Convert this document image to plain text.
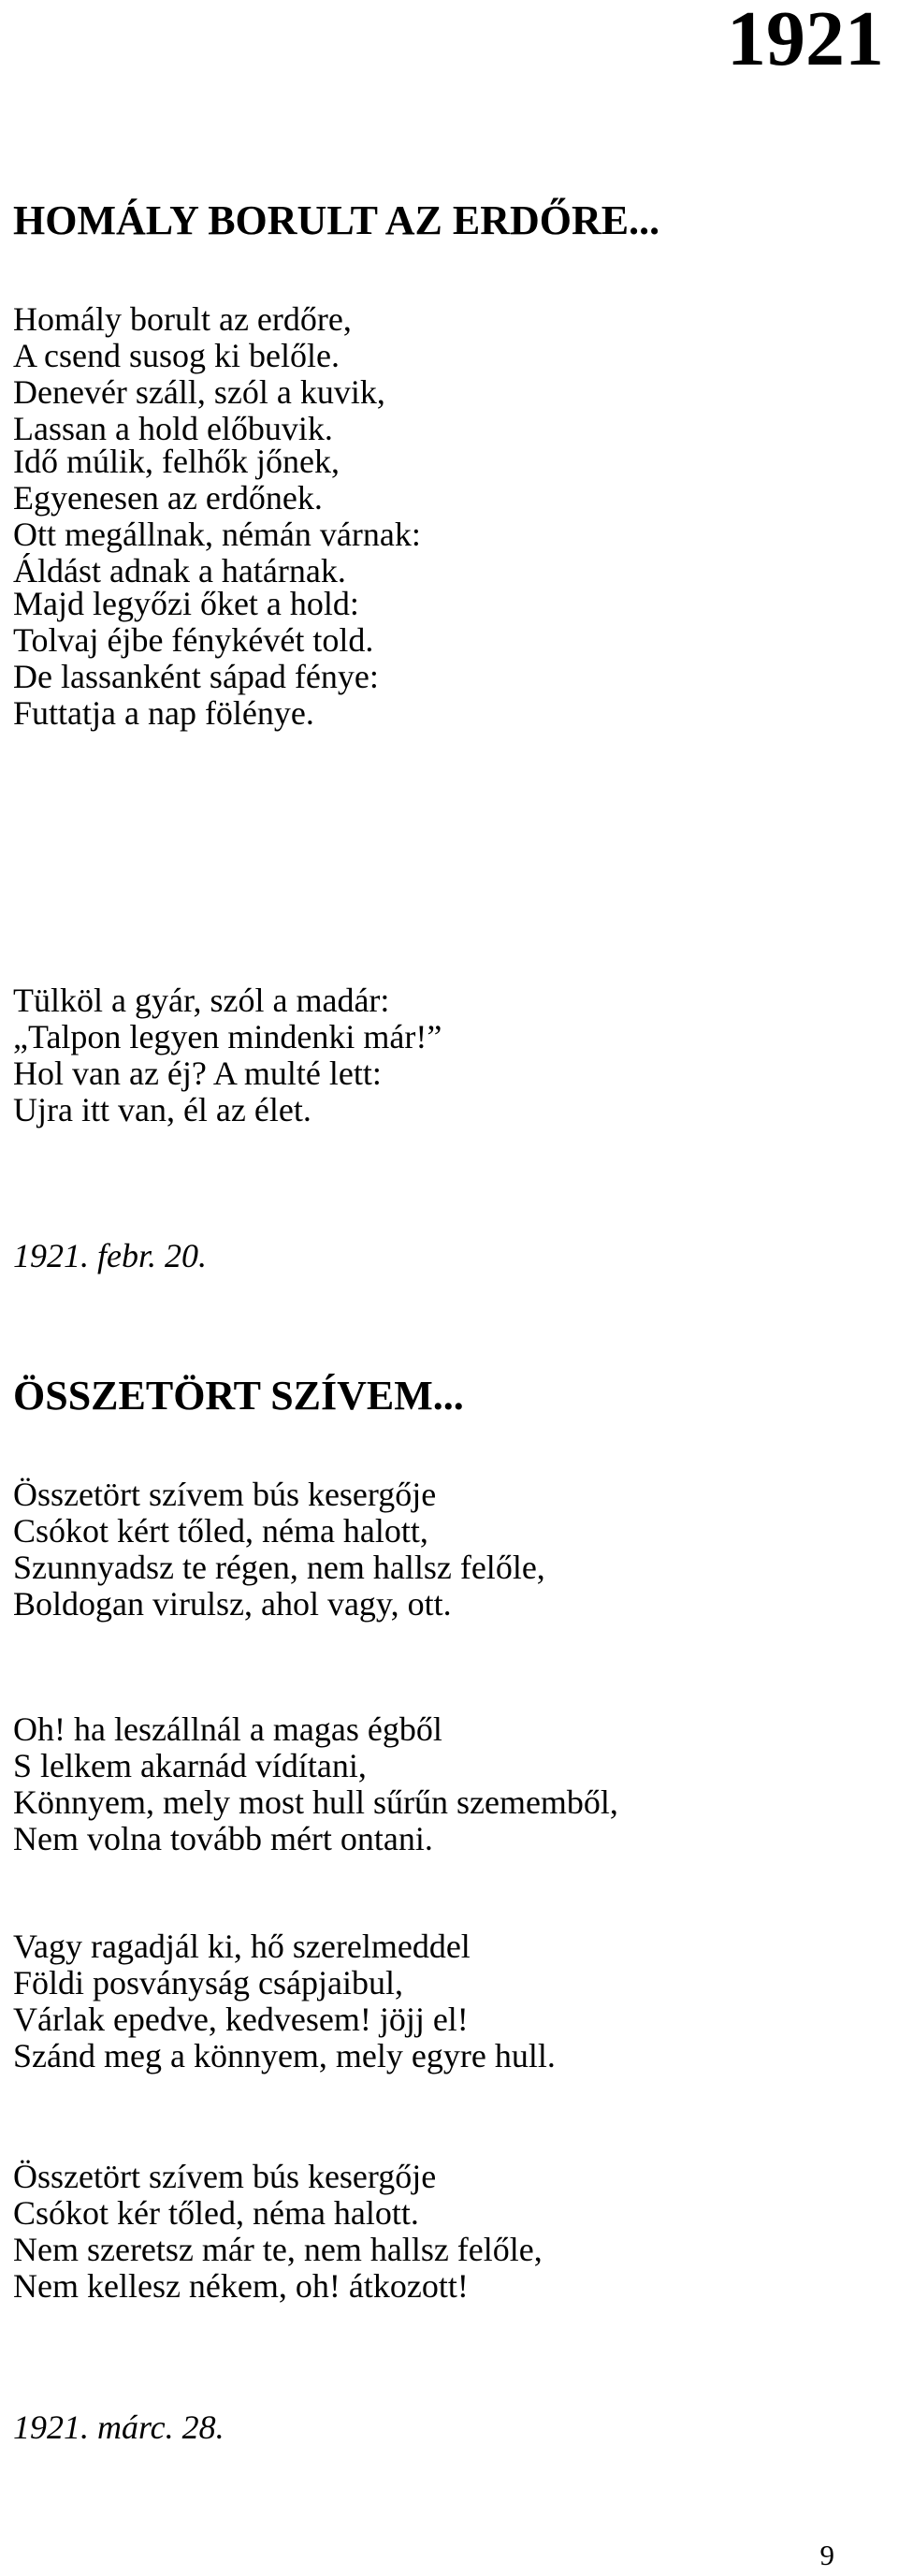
1921
HOMÁLY BORULT AZ ERDŐRE...

Homály borult az erdőre,
A csend susog ki belőle.
Denevér száll, szól a kuvik,
Lassan a hold előbuvik.

Idő múlik, felhők jőnek,
Egyenesen az erdőnek.
Ott megállnak, némán várnak:
Áldást adnak a határnak.

Majd legyőzi őket a hold:
Tolvaj éjbe fénykévét told.
De lassanként sápad fénye:
Futtatja a nap fölénye.

Tülköl a gyár, szól a madár:
„Talpon legyen mindenki már!”
Hol van az éj? A multé lett:
Ujra itt van, él az élet.

1921. febr. 20.

ÖSSZETÖRT SZÍVEM...

Összetört szívem bús kesergője
Csókot kért tőled, néma halott,
Szunnyadsz te régen, nem hallsz felőle,
Boldogan virulsz, ahol vagy, ott.

Oh! ha leszállnál a magas égből
S lelkem akarnád vídítani,
Könnyem, mely most hull sűrűn szememből,
Nem volna tovább mért ontani.

Vagy ragadjál ki, hő szerelmeddel
Földi posványság csápjaibul,
Várlak epedve, kedvesem! jöjj el!
Szánd meg a könnyem, mely egyre hull.

Összetört szívem bús kesergője
Csókot kér tőled, néma halott.
Nem szeretsz már te, nem hallsz felőle,
Nem kellesz nékem, oh! átkozott!

1921. márc. 28.

9
